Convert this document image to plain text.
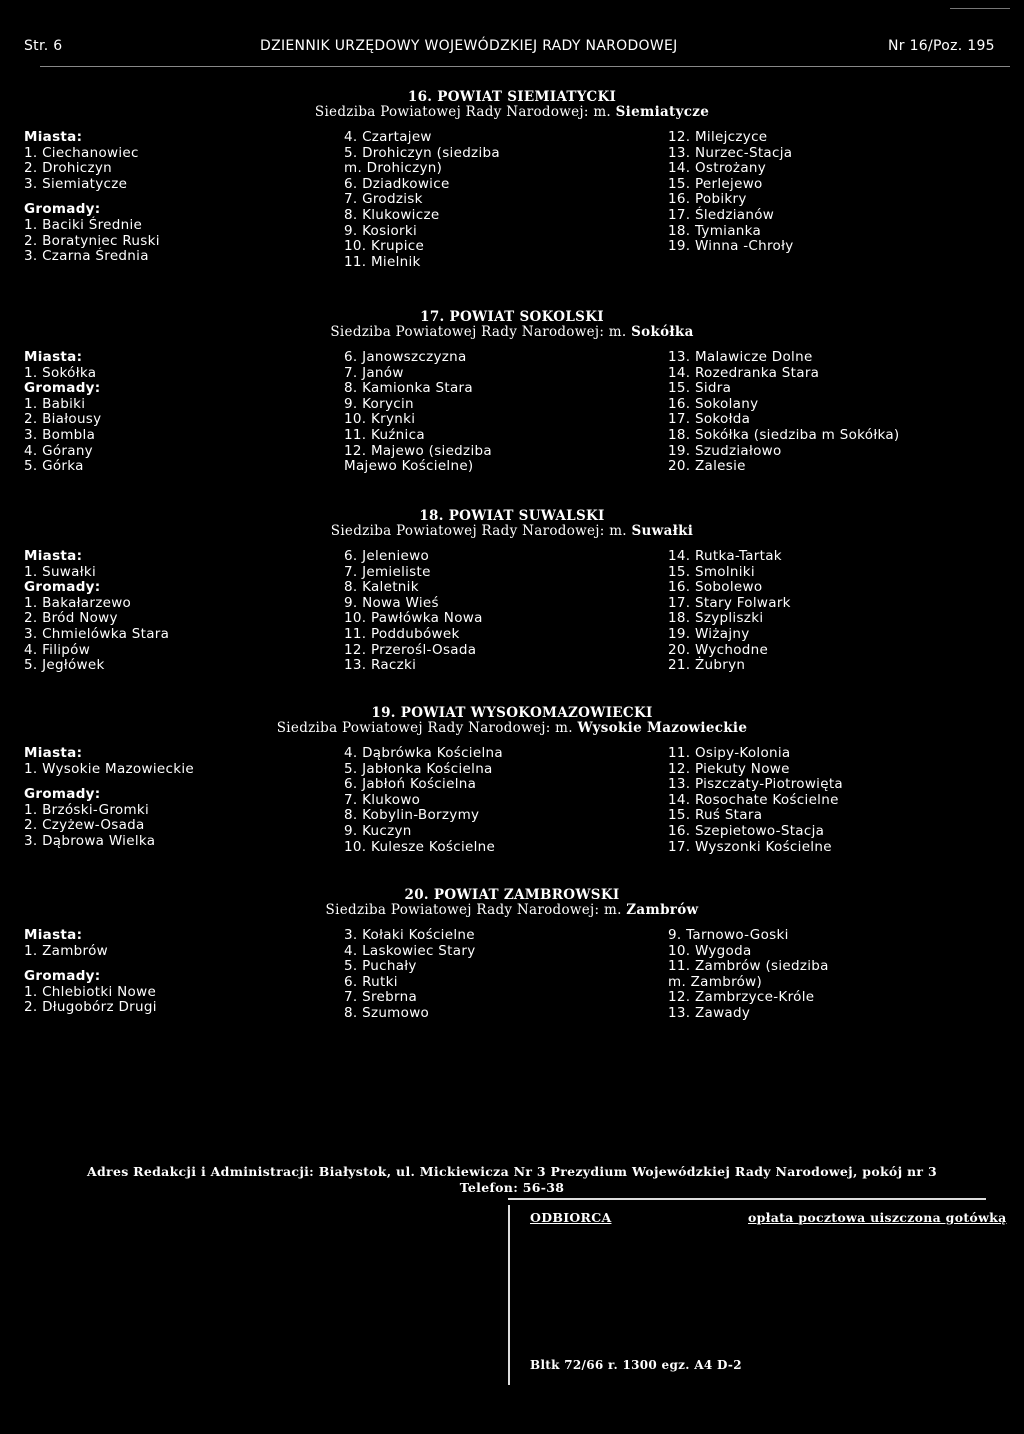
Str. 6	DZIENNIK URZĘDOWY WOJEWÓDZKIEJ RADY NARODOWEJ	Nr 16/Poz. 195
16. POWIAT SIEMIATYCKI
Siedziba Powiatowej Rady Narodowej: m. Siemiatycze
Miasta:
1. Ciechanowiec
2. Drohiczyn
3. Siemiatycze
Gromady:
1. Baciki Średnie
2. Boratyniec Ruski
3. Czarna Średnia
4. Czartajew
5. Drohiczyn (siedziba
m. Drohiczyn)
6. Dziadkowice
7. Grodzisk
8. Klukowicze
9. Kosiorki
10. Krupice
11. Mielnik
12. Milejczyce
13. Nurzec-Stacja
14. Ostrożany
15. Perlejewo
16. Pobikry
17. Śledzianów
18. Tymianka
19. Winna -Chroły
17. POWIAT SOKOLSKI
Siedziba Powiatowej Rady Narodowej: m. Sokółka
Miasta:
1. Sokółka
Gromady:
1. Babiki
2. Białousy
3. Bombla
4. Górany
5. Górka
6. Janowszczyzna
7. Janów
8. Kamionka Stara
9. Korycin
10. Krynki
11. Kuźnica
12. Majewo (siedziba
Majewo Kościelne)
13. Malawicze Dolne
14. Rozedranka Stara
15. Sidra
16. Sokolany
17. Sokołda
18. Sokółka (siedziba m Sokółka)
19. Szudziałowo
20. Zalesie
18. POWIAT SUWALSKI
Siedziba Powiatowej Rady Narodowej: m. Suwałki
Miasta:
1. Suwałki
Gromady:
1. Bakałarzewo
2. Bród Nowy
3. Chmielówka Stara
4. Filipów
5. Jegłówek
6. Jeleniewo
7. Jemieliste
8. Kaletnik
9. Nowa Wieś
10. Pawłówka Nowa
11. Poddubówek
12. Przerośl-Osada
13. Raczki
14. Rutka-Tartak
15. Smolniki
16. Sobolewo
17. Stary Folwark
18. Szypliszki
19. Wiżajny
20. Wychodne
21. Żubryn
19. POWIAT WYSOKOMAZOWIECKI
Siedziba Powiatowej Rady Narodowej: m. Wysokie Mazowieckie
Miasta:
1. Wysokie Mazowieckie
Gromady:
1. Brzóski-Gromki
2. Czyżew-Osada
3. Dąbrowa Wielka
4. Dąbrówka Kościelna
5. Jabłonka Kościelna
6. Jabłoń Kościelna
7. Klukowo
8. Kobylin-Borzymy
9. Kuczyn
10. Kulesze Kościelne
11. Osipy-Kolonia
12. Piekuty Nowe
13. Piszczaty-Piotrowięta
14. Rosochate Kościelne
15. Ruś Stara
16. Szepietowo-Stacja
17. Wyszonki Kościelne
20. POWIAT ZAMBROWSKI
Siedziba Powiatowej Rady Narodowej: m. Zambrów
Miasta:
1. Zambrów
Gromady:
1. Chlebiotki Nowe
2. Długobórz Drugi
3. Kołaki Kościelne
4. Laskowiec Stary
5. Puchały
6. Rutki
7. Srebrna
8. Szumowo
9. Tarnowo-Goski
10. Wygoda
11. Zambrów (siedziba
m. Zambrów)
12. Zambrzyce-Króle
13. Zawady
Adres Redakcji i Administracji: Białystok, ul. Mickiewicza Nr 3 Prezydium Wojewódzkiej Rady Narodowej, pokój nr 3
Telefon: 56-38
ODBIORCA	opłata pocztowa uiszczona gotówką
Bltk 72/66 r. 1300 egz. A4 D-2
